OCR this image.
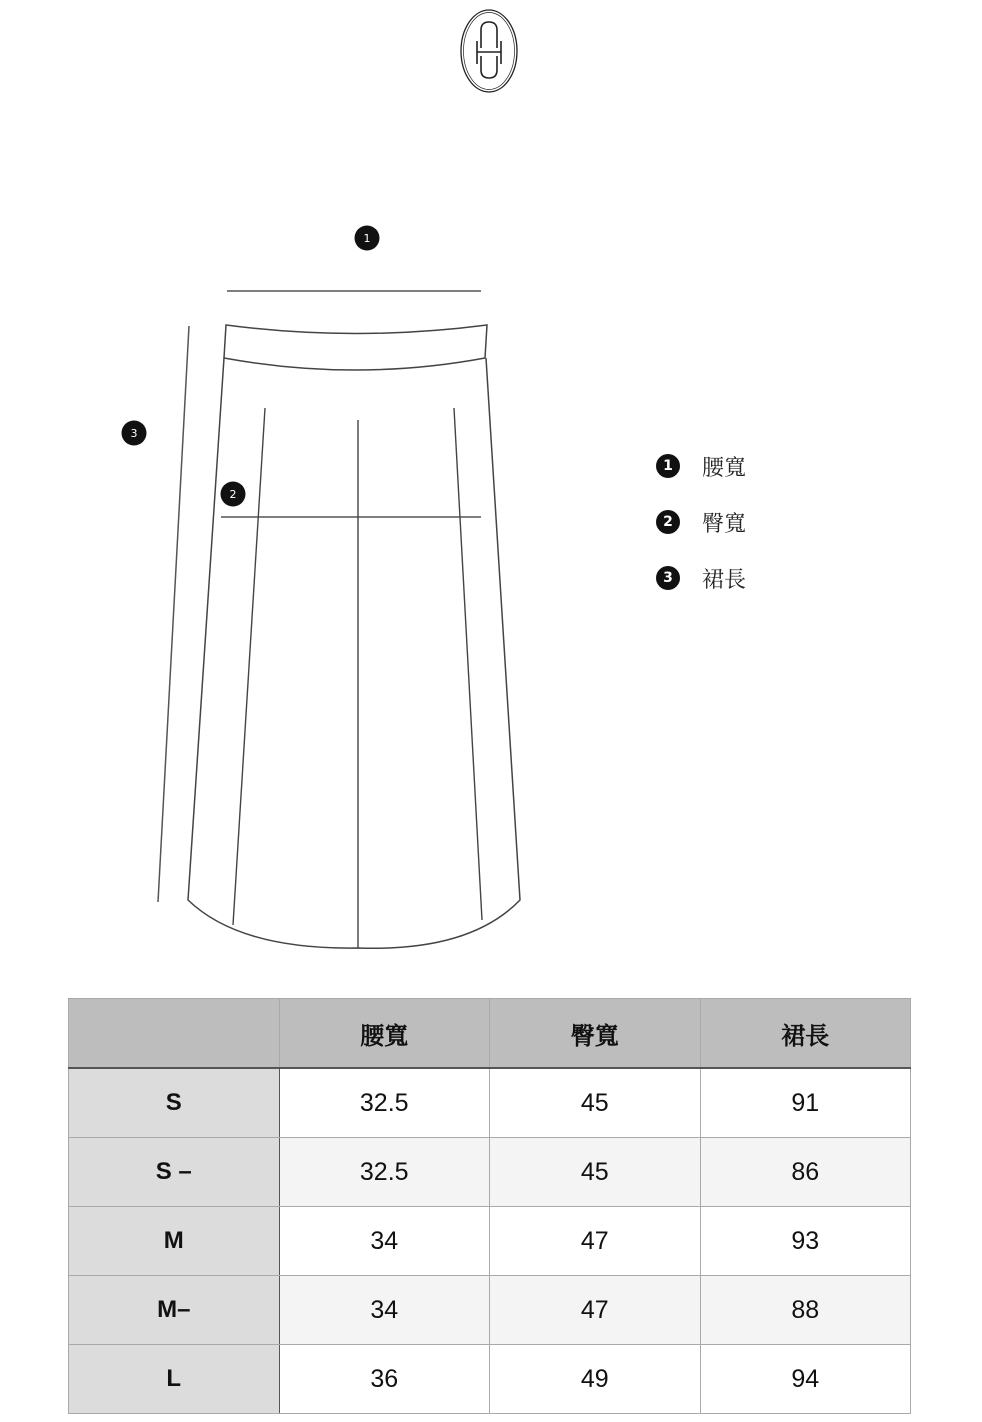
1
2
3
1	腰寬
2	臀寬
3	裙長
	腰寬	臀寬	裙長
S	32.5	45	91
S –	32.5	45	86
M	34	47	93
M–	34	47	88
L	36	49	94
